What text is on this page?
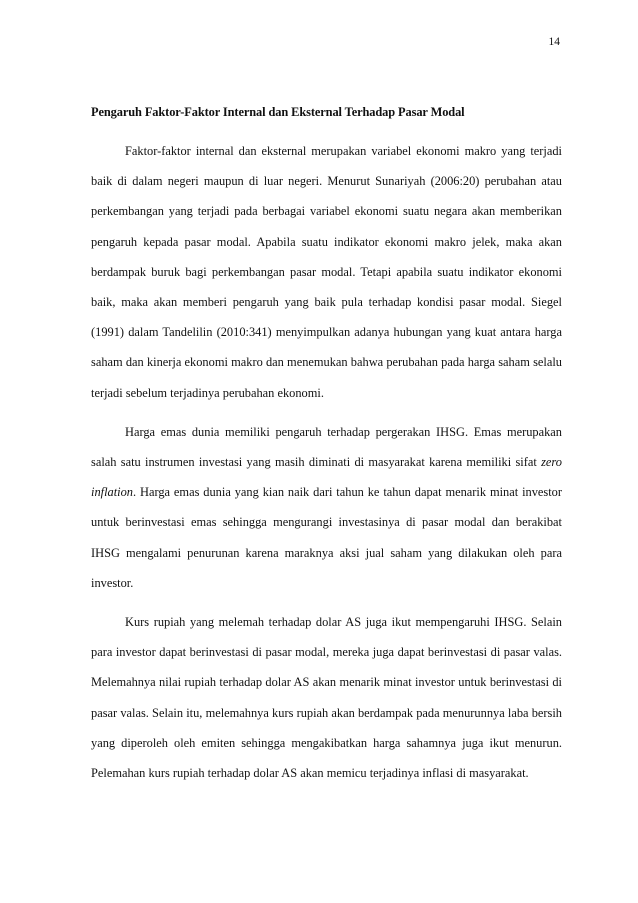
14

Pengaruh Faktor-Faktor Internal dan Eksternal Terhadap Pasar Modal

Faktor-faktor internal dan eksternal merupakan variabel ekonomi makro yang terjadi baik di dalam negeri maupun di luar negeri. Menurut Sunariyah (2006:20) perubahan atau perkembangan yang terjadi pada berbagai variabel ekonomi suatu negara akan memberikan pengaruh kepada pasar modal. Apabila suatu indikator ekonomi makro jelek, maka akan berdampak buruk bagi perkembangan pasar modal. Tetapi apabila suatu indikator ekonomi baik, maka akan memberi pengaruh yang baik pula terhadap kondisi pasar modal. Siegel (1991) dalam Tandelilin (2010:341) menyimpulkan adanya hubungan yang kuat antara harga saham dan kinerja ekonomi makro dan menemukan bahwa perubahan pada harga saham selalu terjadi sebelum terjadinya perubahan ekonomi.

Harga emas dunia memiliki pengaruh terhadap pergerakan IHSG. Emas merupakan salah satu instrumen investasi yang masih diminati di masyarakat karena memiliki sifat zero inflation. Harga emas dunia yang kian naik dari tahun ke tahun dapat menarik minat investor untuk berinvestasi emas sehingga mengurangi investasinya di pasar modal dan berakibat IHSG mengalami penurunan karena maraknya aksi jual saham yang dilakukan oleh para investor.

Kurs rupiah yang melemah terhadap dolar AS juga ikut mempengaruhi IHSG. Selain para investor dapat berinvestasi di pasar modal, mereka juga dapat berinvestasi di pasar valas. Melemahnya nilai rupiah terhadap dolar AS akan menarik minat investor untuk berinvestasi di pasar valas. Selain itu, melemahnya kurs rupiah akan berdampak pada menurunnya laba bersih yang diperoleh oleh emiten sehingga mengakibatkan harga sahamnya juga ikut menurun. Pelemahan kurs rupiah terhadap dolar AS akan memicu terjadinya inflasi di masyarakat.
